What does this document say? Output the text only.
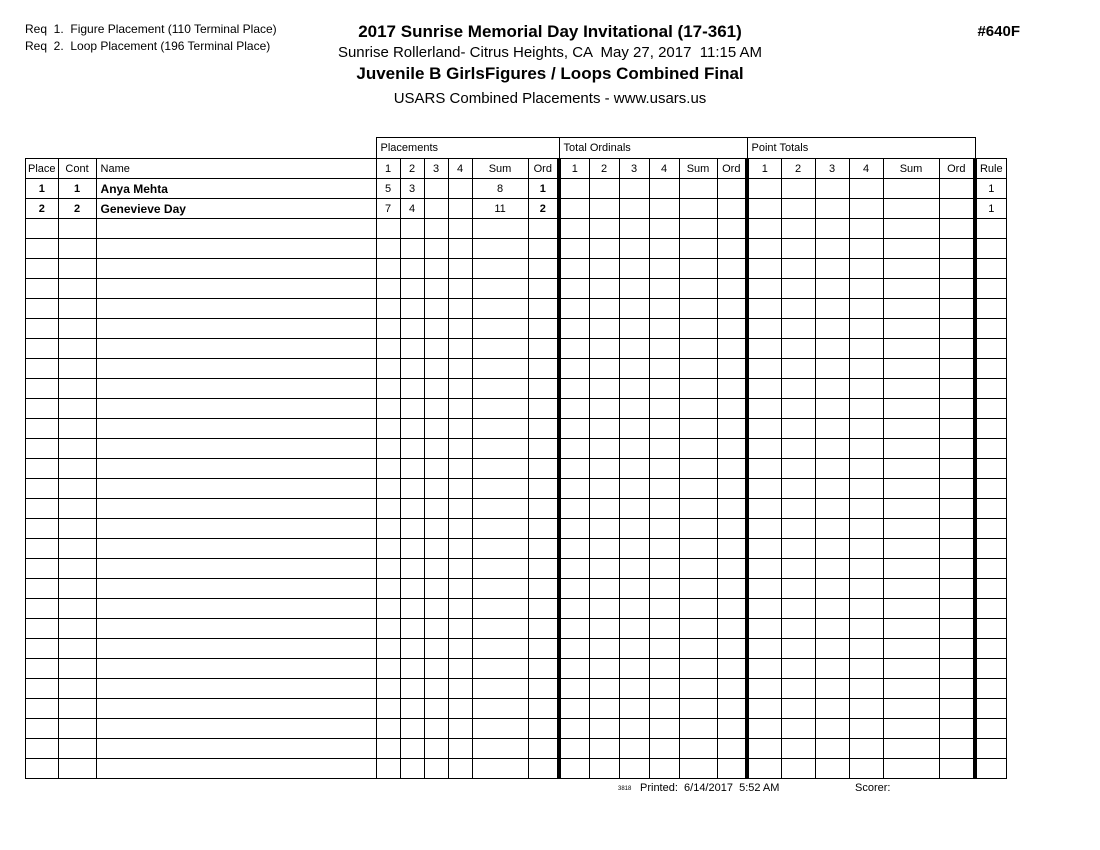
Req  1.  Figure Placement (110 Terminal Place)
Req  2.  Loop Placement (196 Terminal Place)
2017 Sunrise Memorial Day Invitational (17-361)
Sunrise Rollerland- Citrus Heights, CA  May 27, 2017  11:15 AM
Juvenile B GirlsFigures / Loops Combined Final
USARS Combined Placements - www.usars.us
#640F
			Placements						Total Ordinals						Point Totals						
Place	Cont	Name	1	2	3	4	Sum	Ord	1	2	3	4	Sum	Ord	1	2	3	4	Sum	Ord	Rule
1	1	Anya Mehta	5	3			8	1													1
2	2	Genevieve Day	7	4			11	2													1

3818 Printed:  6/14/2017  5:52 AM	Scorer:
